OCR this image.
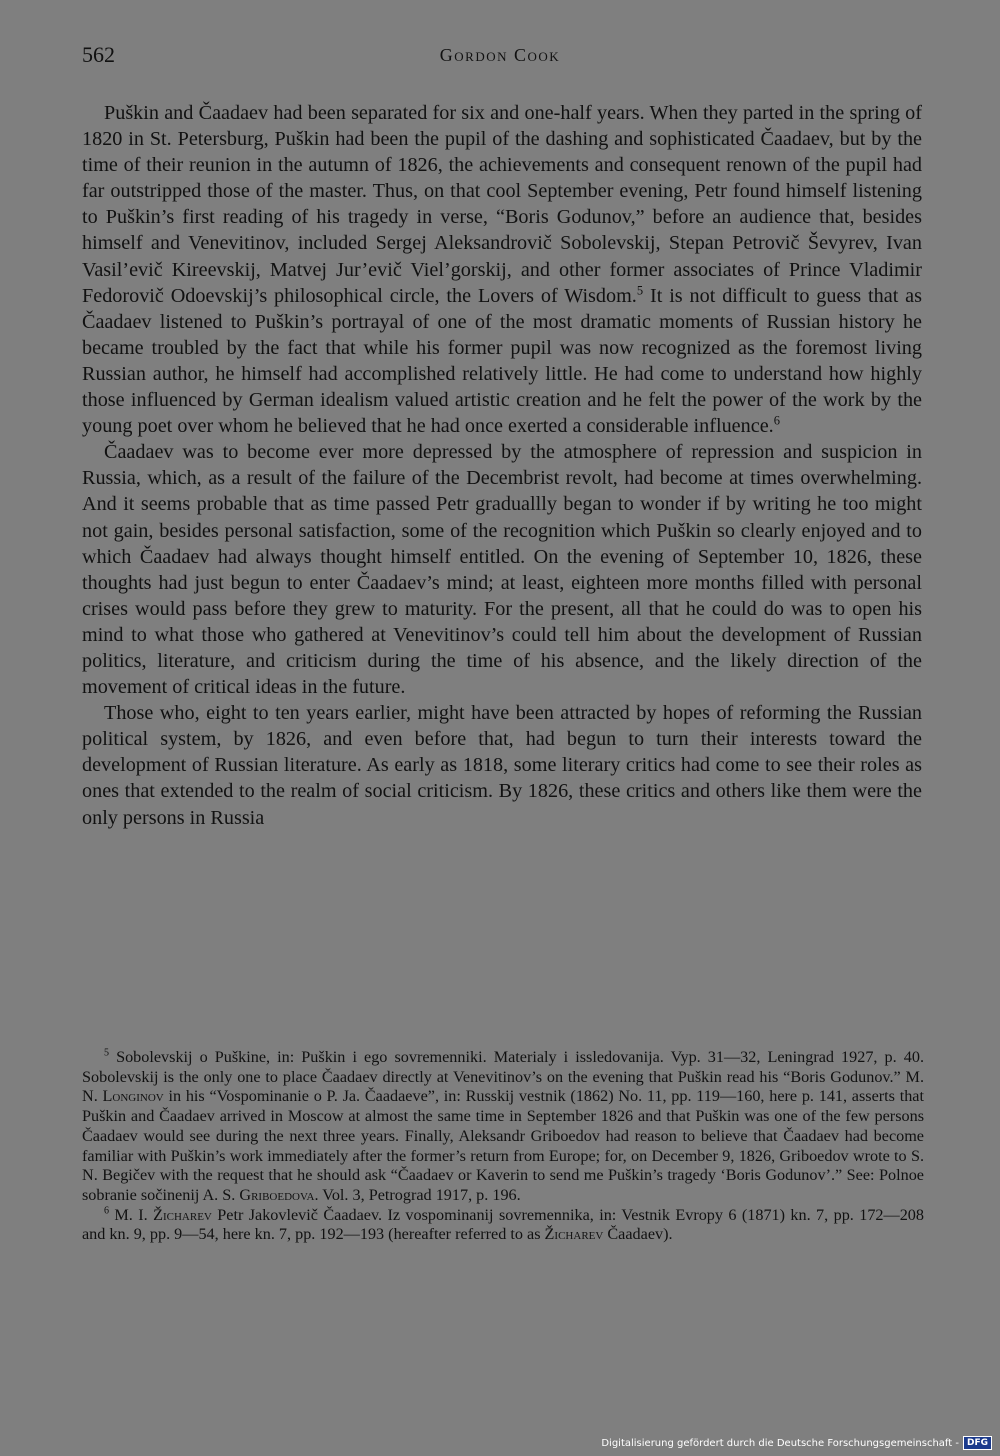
562	Gordon Cook

Puškin and Čaadaev had been separated for six and one-half years. When they parted in the spring of 1820 in St. Petersburg, Puškin had been the pupil of the dashing and sophisticated Čaadaev, but by the time of their reunion in the autumn of 1826, the achievements and consequent renown of the pupil had far outstripped those of the master. Thus, on that cool September evening, Petr found himself listening to Puškin’s first reading of his tragedy in verse, “Boris Godunov,” before an audience that, besides himself and Venevitinov, included Sergej Aleksandrovič Sobolevskij, Stepan Petrovič Ševyrev, Ivan Vasil’evič Kireevskij, Matvej Jur’evič Viel’gorskij, and other former associates of Prince Vladimir Fedorovič Odoevskij’s philosophical circle, the Lovers of Wisdom.$^5$ It is not difficult to guess that as Čaadaev listened to Puškin’s portrayal of one of the most dramatic moments of Russian history he became troubled by the fact that while his former pupil was now recognized as the foremost living Russian author, he himself had accomplished relatively little. He had come to understand how highly those influenced by German idealism valued artistic creation and he felt the power of the work by the young poet over whom he believed that he had once exerted a considerable influence.$^6$

Čaadaev was to become ever more depressed by the atmosphere of repression and suspicion in Russia, which, as a result of the failure of the Decembrist revolt, had become at times overwhelming. And it seems probable that as time passed Petr graduallly began to wonder if by writing he too might not gain, besides personal satisfaction, some of the recognition which Puškin so clearly enjoyed and to which Čaadaev had always thought himself entitled. On the evening of September 10, 1826, these thoughts had just begun to enter Čaadaev’s mind; at least, eighteen more months filled with personal crises would pass before they grew to maturity. For the present, all that he could do was to open his mind to what those who gathered at Venevitinov’s could tell him about the development of Russian politics, literature, and criticism during the time of his absence, and the likely direction of the movement of critical ideas in the future.

Those who, eight to ten years earlier, might have been attracted by hopes of reforming the Russian political system, by 1826, and even before that, had begun to turn their interests toward the development of Russian literature. As early as 1818, some literary critics had come to see their roles as ones that extended to the realm of social criticism. By 1826, these critics and others like them were the only persons in Russia

$^5$ Sobolevskij o Puškine, in: Puškin i ego sovremenniki. Materialy i issledovanija. Vyp. 31—32, Leningrad 1927, p. 40. Sobolevskij is the only one to place Čaadaev directly at Venevitinov’s on the evening that Puškin read his “Boris Godunov.” M. N. Longinov in his “Vospominanie o P. Ja. Čaadaeve”, in: Russkij vestnik (1862) No. 11, pp. 119—160, here p. 141, asserts that Puškin and Čaadaev arrived in Moscow at almost the same time in September 1826 and that Puškin was one of the few persons Čaadaev would see during the next three years. Finally, Aleksandr Griboedov had reason to believe that Čaadaev had become familiar with Puškin’s work immediately after the former’s return from Europe; for, on December 9, 1826, Griboedov wrote to S. N. Begičev with the request that he should ask “Čaadaev or Kaverin to send me Puškin’s tragedy ‘Boris Godunov’.” See: Polnoe sobranie sočinenij A. S. Griboedova. Vol. 3, Petrograd 1917, p. 196.

$^6$ M. I. Žicharev Petr Jakovlevič Čaadaev. Iz vospominanij sovremennika, in: Vestnik Evropy 6 (1871) kn. 7, pp. 172—208 and kn. 9, pp. 9—54, here kn. 7, pp. 192—193 (hereafter referred to as Žicharev Čaadaev).

Digitalisierung gefördert durch die Deutsche Forschungsgemeinschaft - DFG
